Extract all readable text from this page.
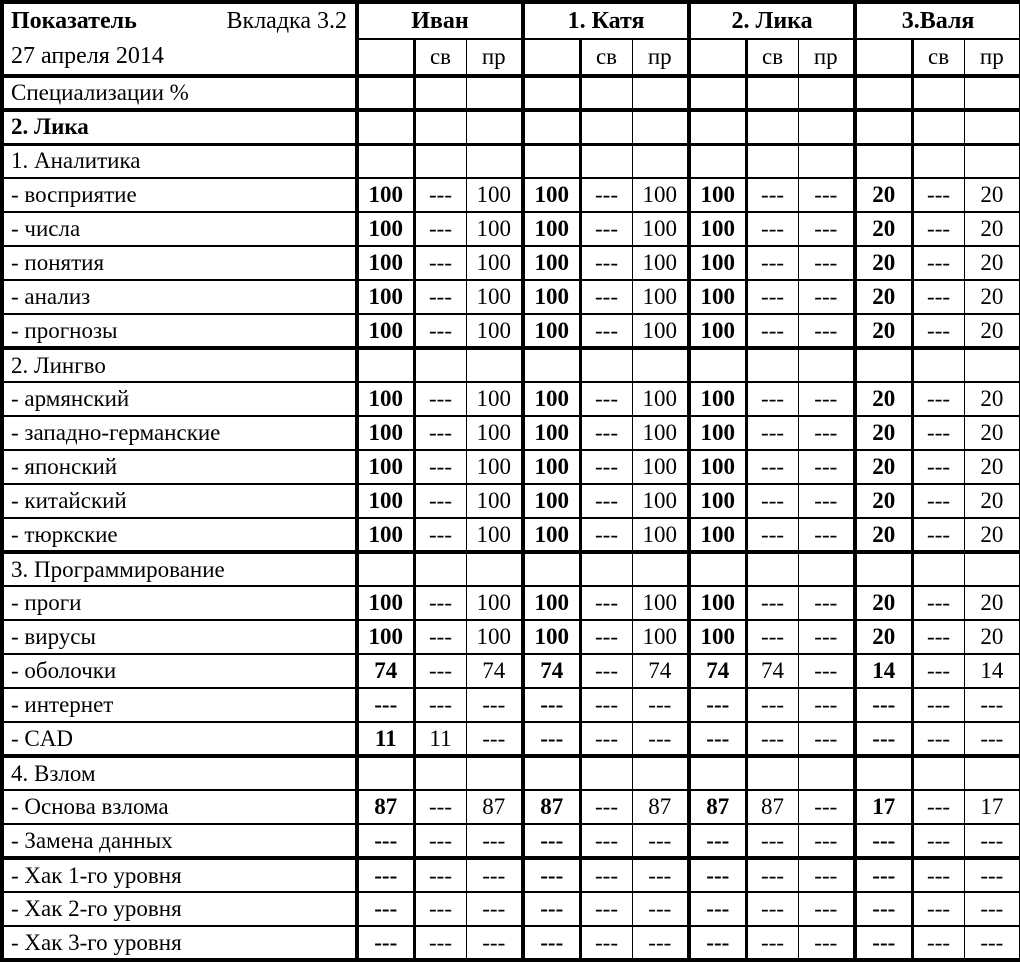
Показатель Вкладка 3.2
27 апреля 2014	Иван			1. Катя			2. Лика			3.Валя		
		св	пр		св	пр		св	пр		св	пр
Специализации %												
2. Лика												
1. Аналитика												
- восприятие	100	---	100	100	---	100	100	---	---	20	---	20
- числа	100	---	100	100	---	100	100	---	---	20	---	20
- понятия	100	---	100	100	---	100	100	---	---	20	---	20
- анализ	100	---	100	100	---	100	100	---	---	20	---	20
- прогнозы	100	---	100	100	---	100	100	---	---	20	---	20
2. Лингво												
- армянский	100	---	100	100	---	100	100	---	---	20	---	20
- западно-германские	100	---	100	100	---	100	100	---	---	20	---	20
- японский	100	---	100	100	---	100	100	---	---	20	---	20
- китайский	100	---	100	100	---	100	100	---	---	20	---	20
- тюркские	100	---	100	100	---	100	100	---	---	20	---	20
3. Программирование												
- проги	100	---	100	100	---	100	100	---	---	20	---	20
- вирусы	100	---	100	100	---	100	100	---	---	20	---	20
- оболочки	74	---	74	74	---	74	74	74	---	14	---	14
- интернет	---	---	---	---	---	---	---	---	---	---	---	---
- CAD	11	11	---	---	---	---	---	---	---	---	---	---
4. Взлом												
- Основа взлома	87	---	87	87	---	87	87	87	---	17	---	17
- Замена данных	---	---	---	---	---	---	---	---	---	---	---	---
- Хак 1-го уровня	---	---	---	---	---	---	---	---	---	---	---	---
- Хак 2-го уровня	---	---	---	---	---	---	---	---	---	---	---	---
- Хак 3-го уровня	---	---	---	---	---	---	---	---	---	---	---	---
